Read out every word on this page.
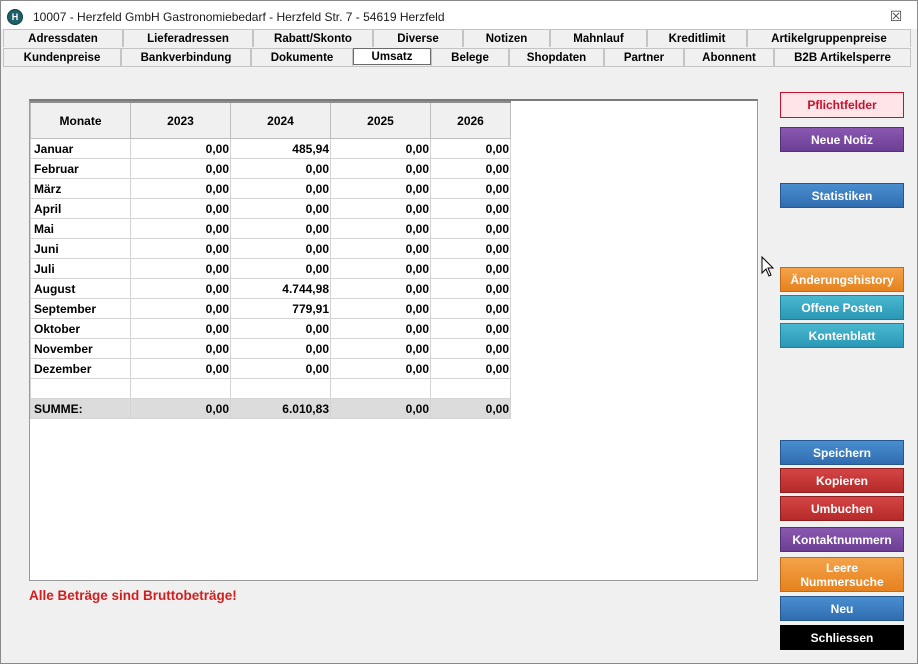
H	10007 - Herzfeld GmbH Gastronomiebedarf - Herzfeld Str. 7 - 54619 Herzfeld	☒
Adressdaten	Lieferadressen	Rabatt/Skonto	Diverse	Notizen	Mahnlauf	Kreditlimit	Artikelgruppenpreise
Kundenpreise	Bankverbindung	Dokumente	Umsatz	Belege	Shopdaten	Partner	Abonnent	B2B Artikelsperre
Monate	2023	2024	2025	2026
Januar	0,00	485,94	0,00	0,00
Februar	0,00	0,00	0,00	0,00
März	0,00	0,00	0,00	0,00
April	0,00	0,00	0,00	0,00
Mai	0,00	0,00	0,00	0,00
Juni	0,00	0,00	0,00	0,00
Juli	0,00	0,00	0,00	0,00
August	0,00	4.744,98	0,00	0,00
September	0,00	779,91	0,00	0,00
Oktober	0,00	0,00	0,00	0,00
November	0,00	0,00	0,00	0,00
Dezember	0,00	0,00	0,00	0,00

SUMME:	0,00	6.010,83	0,00	0,00
Alle Beträge sind Bruttobeträge!
Pflichtfelder
Neue Notiz
Statistiken
Änderungshistory
Offene Posten
Kontenblatt
Speichern
Kopieren
Umbuchen
Kontaktnummern
Leere Nummersuche
Neu
Schliessen
